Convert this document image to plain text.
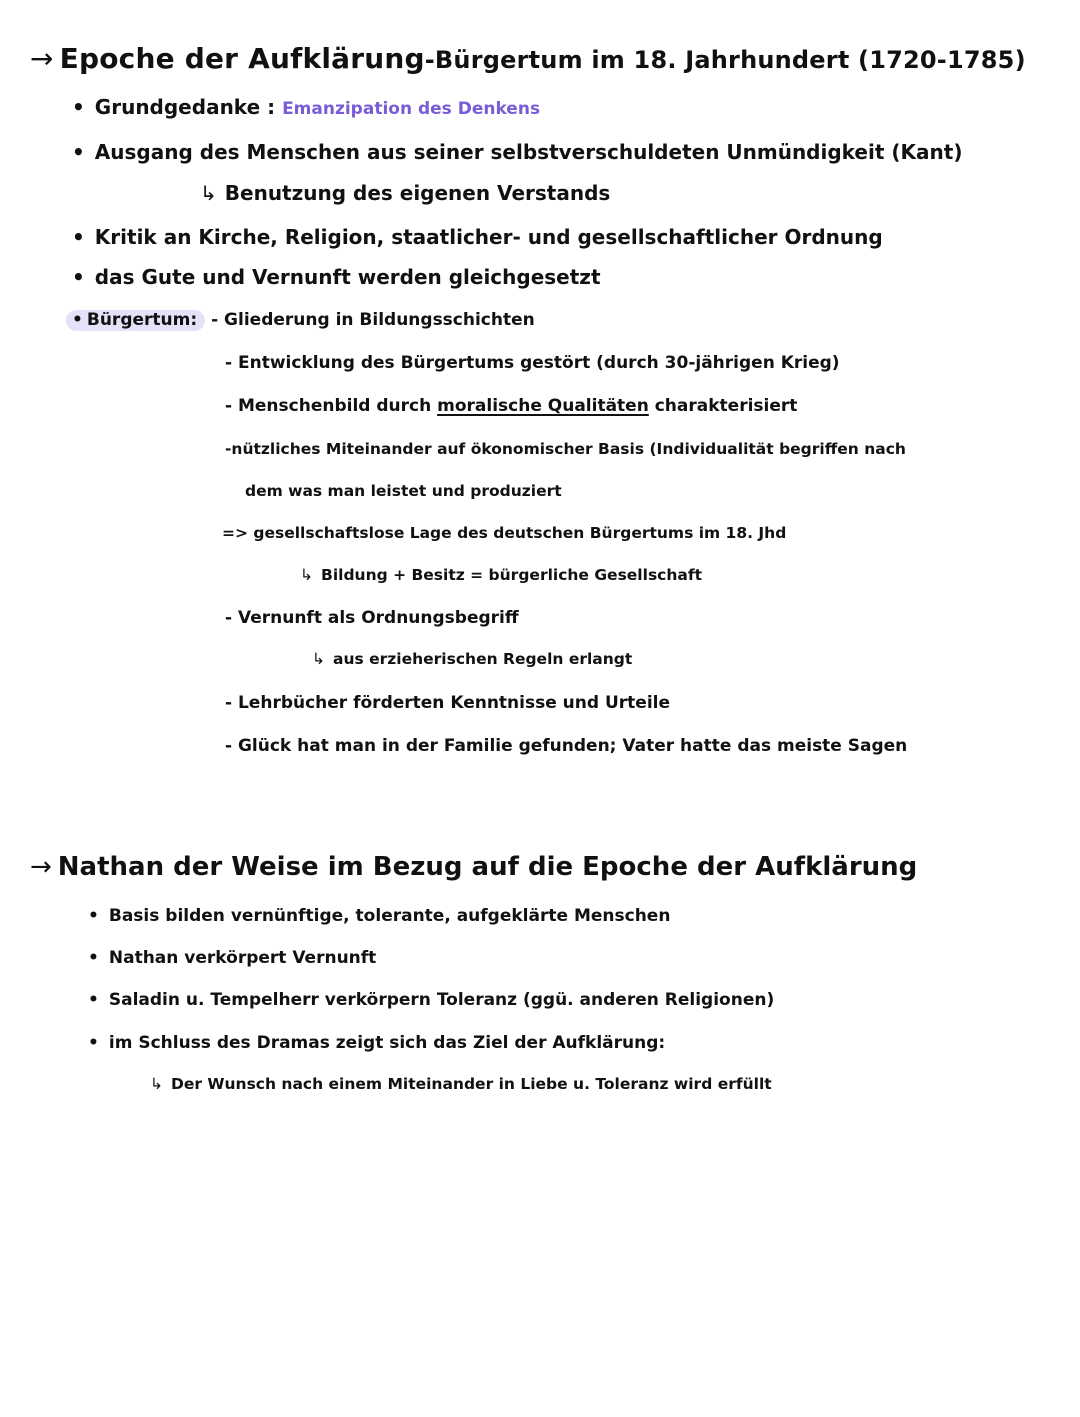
→ Epoche der Aufklärung-Bürgertum im 18. Jahrhundert (1720-1785)
• Grundgedanke : Emanzipation des Denkens
• Ausgang des Menschen aus seiner selbstverschuldeten Unmündigkeit (Kant)
↳ Benutzung des eigenen Verstands
• Kritik an Kirche, Religion, staatlicher- und gesellschaftlicher Ordnung
• das Gute und Vernunft werden gleichgesetzt
• Bürgertum: - Gliederung in Bildungsschichten
- Entwicklung des Bürgertums gestört (durch 30-jährigen Krieg)
- Menschenbild durch moralische Qualitäten charakterisiert
-nützliches Miteinander auf ökonomischer Basis (Individualität begriffen nach
dem was man leistet und produziert
=> gesellschaftslose Lage des deutschen Bürgertums im 18. Jhd
↳ Bildung + Besitz = bürgerliche Gesellschaft
- Vernunft als Ordnungsbegriff
↳ aus erzieherischen Regeln erlangt
- Lehrbücher förderten Kenntnisse und Urteile
- Glück hat man in der Familie gefunden; Vater hatte das meiste Sagen
→ Nathan der Weise im Bezug auf die Epoche der Aufklärung
• Basis bilden vernünftige, tolerante, aufgeklärte Menschen
• Nathan verkörpert Vernunft
• Saladin u. Tempelherr verkörpern Toleranz (ggü. anderen Religionen)
• im Schluss des Dramas zeigt sich das Ziel der Aufklärung:
↳ Der Wunsch nach einem Miteinander in Liebe u. Toleranz wird erfüllt
